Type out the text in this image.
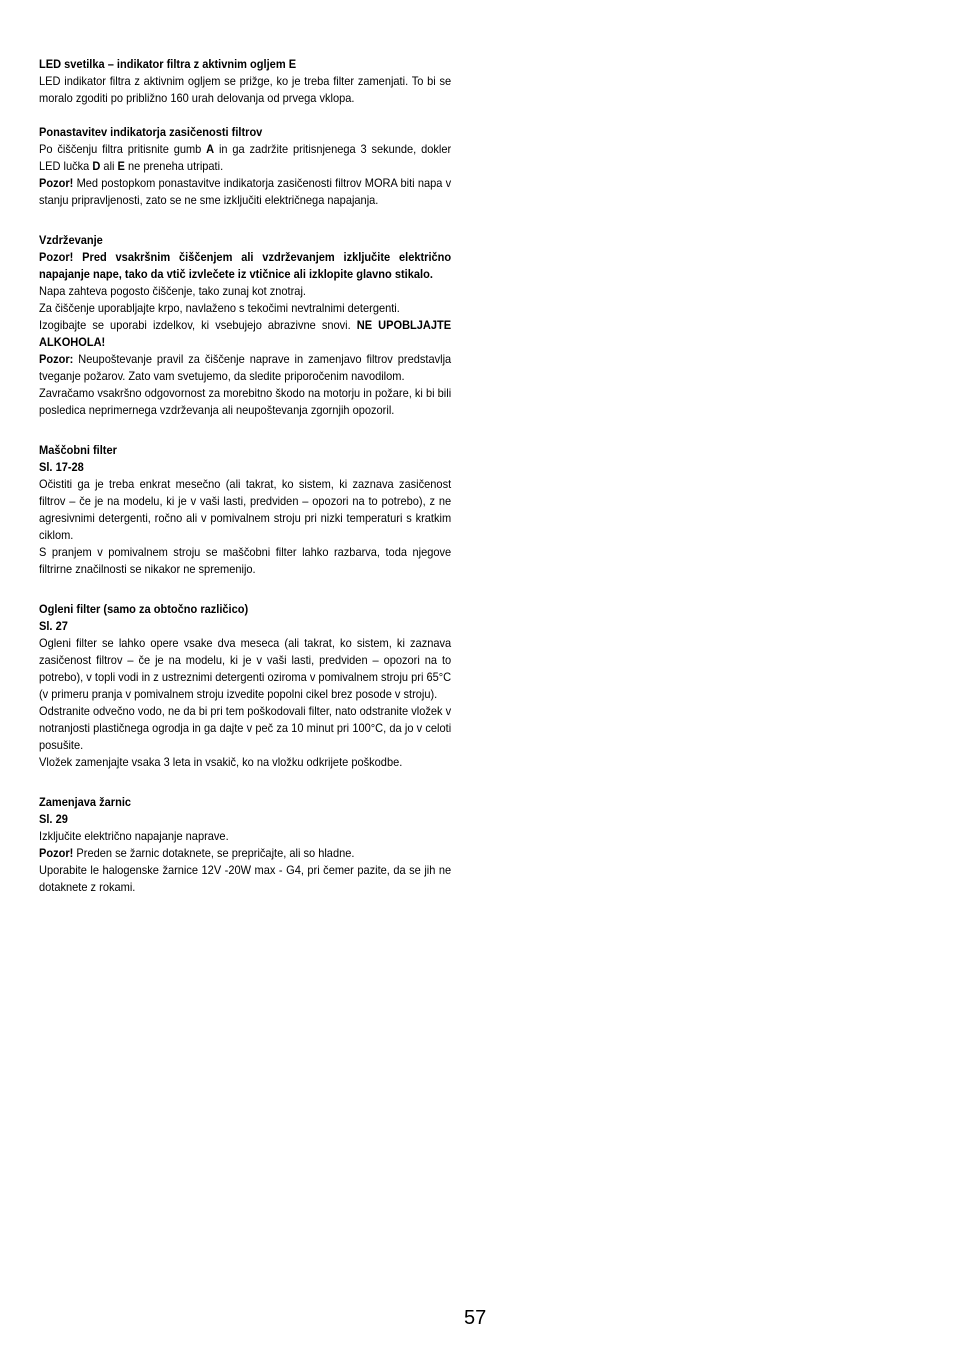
LED svetilka – indikator filtra z aktivnim ogljem E

LED indikator filtra z aktivnim ogljem se prižge, ko je treba filter zamenjati. To bi se moralo zgoditi po približno 160 urah delovanja od prvega vklopa.

Ponastavitev indikatorja zasičenosti filtrov

Po čiščenju filtra pritisnite gumb A in ga zadržite pritisnjenega 3 sekunde, dokler LED lučka D ali E ne preneha utripati.

Pozor! Med postopkom ponastavitve indikatorja zasičenosti filtrov MORA biti napa v stanju pripravljenosti, zato se ne sme izključiti električnega napajanja.

Vzdrževanje

Pozor! Pred vsakršnim čiščenjem ali vzdrževanjem izključite električno napajanje nape, tako da vtič izvlečete iz vtičnice ali izklopite glavno stikalo.

Napa zahteva pogosto čiščenje, tako zunaj kot znotraj.

Za čiščenje uporabljajte krpo, navlaženo s tekočimi nevtralnimi detergenti.

Izogibajte se uporabi izdelkov, ki vsebujejo abrazivne snovi. NE UPOBLJAJTE ALKOHOLA!

Pozor: Neupoštevanje pravil za čiščenje naprave in zamenjavo filtrov predstavlja tveganje požarov. Zato vam svetujemo, da sledite priporočenim navodilom.

Zavračamo vsakršno odgovornost za morebitno škodo na motorju in požare, ki bi bili posledica neprimernega vzdrževanja ali neupoštevanja zgornjih opozoril.

Maščobni filter

Sl. 17-28

Očistiti ga je treba enkrat mesečno (ali takrat, ko sistem, ki zaznava zasičenost filtrov – če je na modelu, ki je v vaši lasti, predviden – opozori na to potrebo), z ne agresivnimi detergenti, ročno ali v pomivalnem stroju pri nizki temperaturi s kratkim ciklom.

S pranjem v pomivalnem stroju se maščobni filter lahko razbarva, toda njegove filtrirne značilnosti se nikakor ne spremenijo.

Ogleni filter (samo za obtočno različico)

Sl. 27

Ogleni filter se lahko opere vsake dva meseca (ali takrat, ko sistem, ki zaznava zasičenost filtrov – če je na modelu, ki je v vaši lasti, predviden – opozori na to potrebo), v topli vodi in z ustreznimi detergenti oziroma v pomivalnem stroju pri 65°C (v primeru pranja v pomivalnem stroju izvedite popolni cikel brez posode v stroju).

Odstranite odvečno vodo, ne da bi pri tem poškodovali filter, nato odstranite vložek v notranjosti plastičnega ogrodja in ga dajte v peč za 10 minut pri 100°C, da jo v celoti posušite.

Vložek zamenjajte vsaka 3 leta in vsakič, ko na vložku odkrijete poškodbe.

Zamenjava žarnic

Sl. 29

Izključite električno napajanje naprave.

Pozor! Preden se žarnic dotaknete, se prepričajte, ali so hladne.

Uporabite le halogenske žarnice 12V -20W max - G4, pri čemer pazite, da se jih ne dotaknete z rokami.

57
